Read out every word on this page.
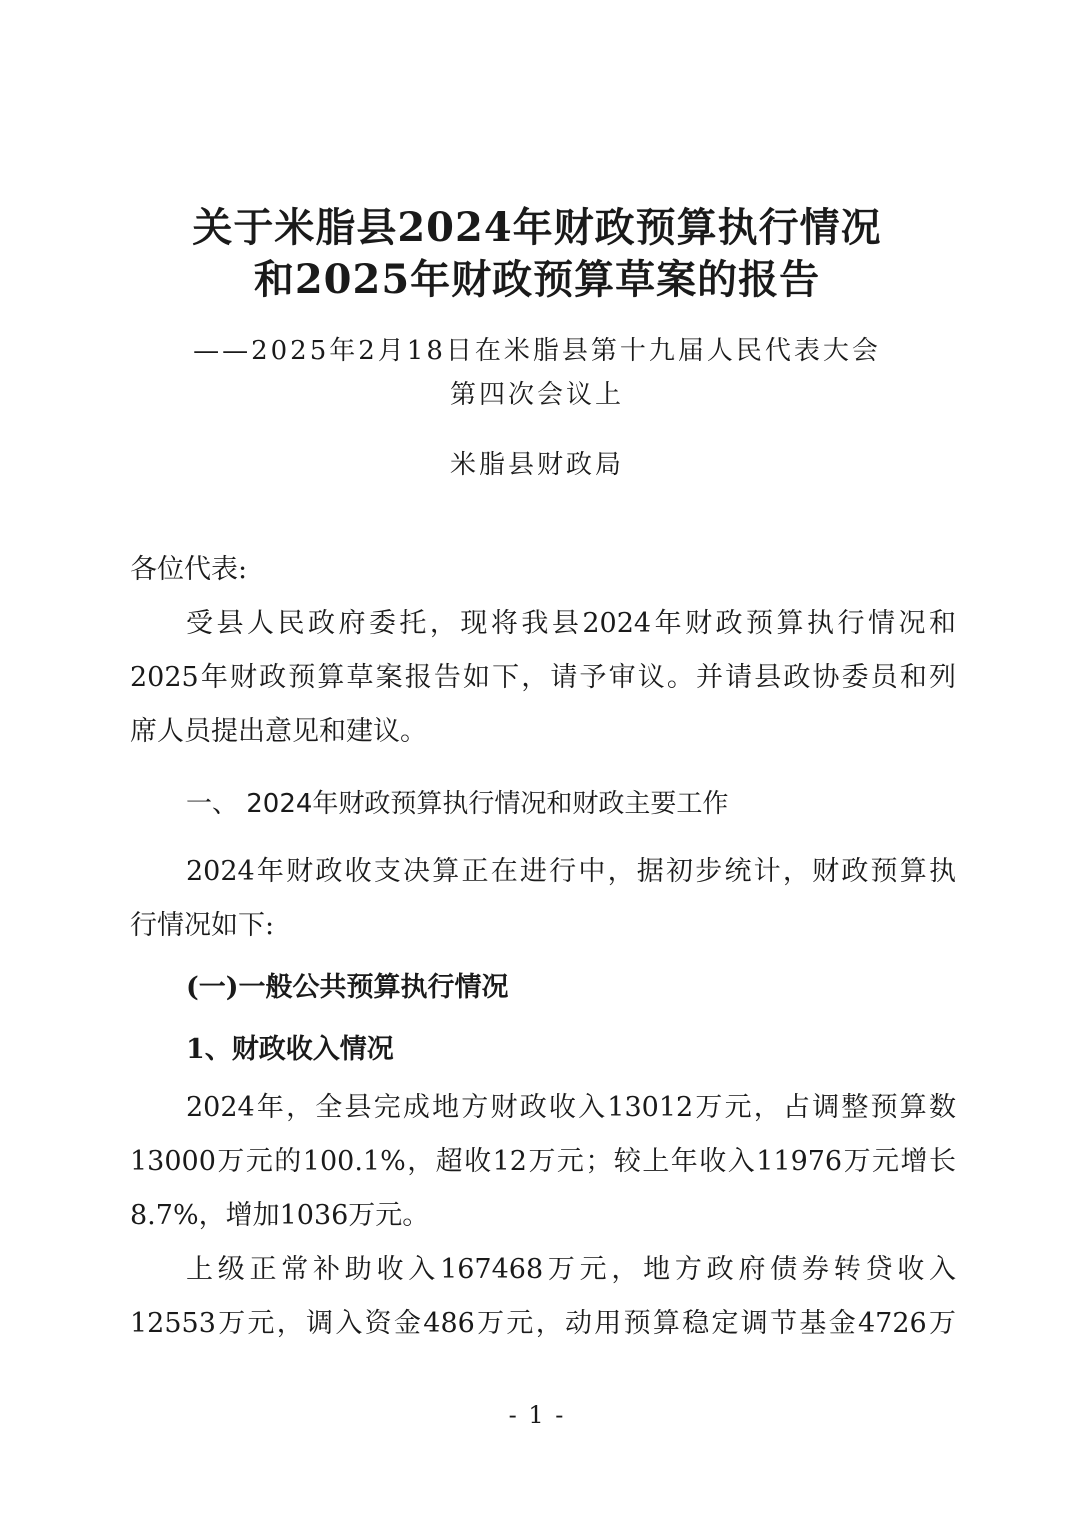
关于米脂县2024年财政预算执行情况
和2025年财政预算草案的报告
——2025年2月18日在米脂县第十九届人民代表大会
第四次会议上
米脂县财政局
各位代表:
受县人民政府委托，现将我县2024年财政预算执行情况和
2025年财政预算草案报告如下，请予审议。并请县政协委员和列
席人员提出意见和建议。
一、 2024年财政预算执行情况和财政主要工作
2024年财政收支决算正在进行中，据初步统计，财政预算执
行情况如下:
(一)一般公共预算执行情况
1、财政收入情况
2024年，全县完成地方财政收入13012万元，占调整预算数
13000万元的100.1%，超收12万元；较上年收入11976万元增长
8.7%，增加1036万元。
上级正常补助收入167468万元，地方政府债券转贷收入
12553万元，调入资金486万元，动用预算稳定调节基金4726万
- 1 -
